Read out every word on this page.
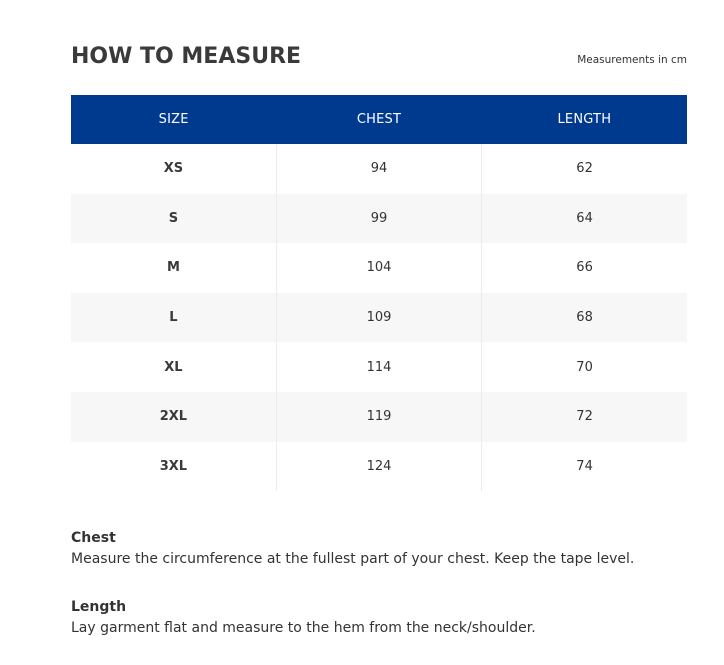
HOW TO MEASURE	Measurements in cm
SIZE	CHEST	LENGTH
XS	94	62
S	99	64
M	104	66
L	109	68
XL	114	70
2XL	119	72
3XL	124	74
Chest
Measure the circumference at the fullest part of your chest. Keep the tape level.
Length
Lay garment flat and measure to the hem from the neck/shoulder.
